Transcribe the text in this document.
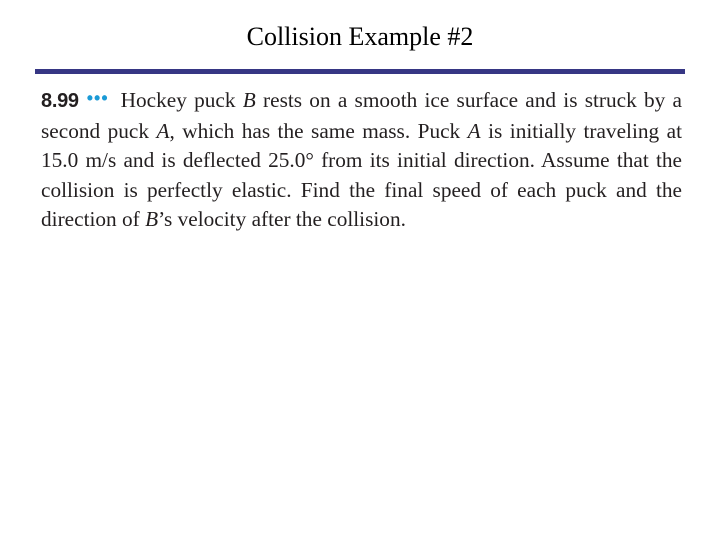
Collision Example #2
8.99 ••• Hockey puck B rests on a smooth ice surface and is struck by a second puck A, which has the same mass. Puck A is initially traveling at 15.0 m/s and is deflected 25.0° from its initial direction. Assume that the collision is perfectly elastic. Find the final speed of each puck and the direction of B’s velocity after the collision.
